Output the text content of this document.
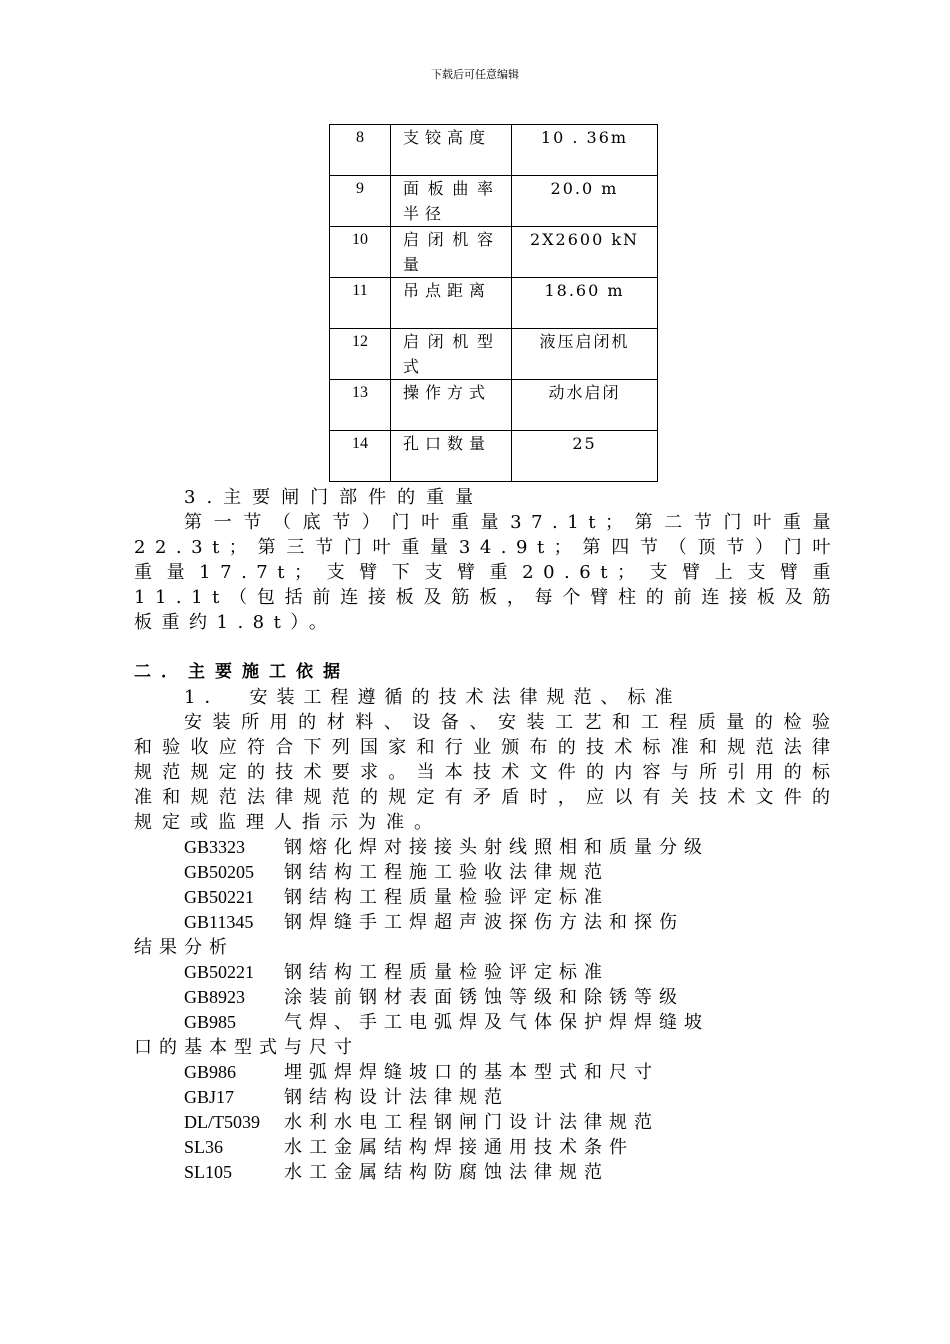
下载后可任意编辑
8	支铰高度	10 . 36m
9	面板曲率半径	20.0 m
10	启闭机容量	2X2600 kN
11	吊点距离	18.60 m
12	启闭机型式	液压启闭机
13	操作方式	动水启闭
14	孔口数量	25

3.主要闸门部件的重量

第一节（底节）门叶重量37.1t；第二节门叶重量22.3t；第三节门叶重量34.9t；第四节（顶节）门叶重量17.7t；支臂下支臂重20.6t；支臂上支臂重11.1t（包括前连接板及筋板，每个臂柱的前连接板及筋板重约1.8t）。

二．主要施工依据

1．　安装工程遵循的技术法律规范、标准

安装所用的材料、设备、安装工艺和工程质量的检验和验收应符合下列国家和行业颁布的技术标准和规范法律规范规定的技术要求。当本技术文件的内容与所引用的标准和规范法律规范的规定有矛盾时，应以有关技术文件的规定或监理人指示为准。

GB3323 钢熔化焊对接接头射线照相和质量分级
GB50205 钢结构工程施工验收法律规范
GB50221 钢结构工程质量检验评定标准
GB11345 钢焊缝手工焊超声波探伤方法和探伤
结果分析
GB50221 钢结构工程质量检验评定标准
GB8923 涂装前钢材表面锈蚀等级和除锈等级
GB985	气焊、手工电弧焊及气体保护焊焊缝坡
口的基本型式与尺寸
GB986	埋弧焊焊缝坡口的基本型式和尺寸
GBJ17	钢结构设计法律规范
DL/T5039 水利水电工程钢闸门设计法律规范
SL36	水工金属结构焊接通用技术条件
SL105	水工金属结构防腐蚀法律规范
